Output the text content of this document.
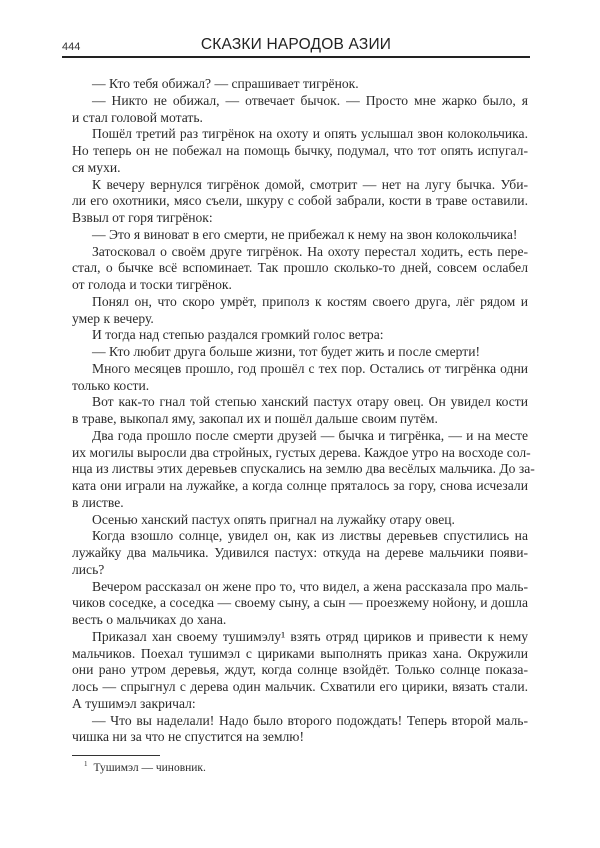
444	СКАЗКИ НАРОДОВ АЗИИ
— Кто тебя обижал? — спрашивает тигрёнок.
— Никто не обижал, — отвечает бычок. — Просто мне жарко было, я
и стал головой мотать.
Пошёл третий раз тигрёнок на охоту и опять услышал звон колокольчика.
Но теперь он не побежал на помощь бычку, подумал, что тот опять испугал-
ся мухи.
К вечеру вернулся тигрёнок домой, смотрит — нет на лугу бычка. Уби-
ли его охотники, мясо съели, шкуру с собой забрали, кости в траве оставили.
Взвыл от горя тигрёнок:
— Это я виноват в его смерти, не прибежал к нему на звон колокольчика!
Затосковал о своём друге тигрёнок. На охоту перестал ходить, есть пере-
стал, о бычке всё вспоминает. Так прошло сколько-то дней, совсем ослабел
от голода и тоски тигрёнок.
Понял он, что скоро умрёт, приполз к костям своего друга, лёг рядом и
умер к вечеру.
И тогда над степью раздался громкий голос ветра:
— Кто любит друга больше жизни, тот будет жить и после смерти!
Много месяцев прошло, год прошёл с тех пор. Остались от тигрёнка одни
только кости.
Вот как-то гнал той степью ханский пастух отару овец. Он увидел кости
в траве, выкопал яму, закопал их и пошёл дальше своим путём.
Два года прошло после смерти друзей — бычка и тигрёнка, — и на месте
их могилы выросли два стройных, густых дерева. Каждое утро на восходе сол-
нца из листвы этих деревьев спускались на землю два весёлых мальчика. До за-
ката они играли на лужайке, а когда солнце пряталось за гору, снова исчезали
в листве.
Осенью ханский пастух опять пригнал на лужайку отару овец.
Когда взошло солнце, увидел он, как из листвы деревьев спустились на
лужайку два мальчика. Удивился пастух: откуда на дереве мальчики появи-
лись?
Вечером рассказал он жене про то, что видел, а жена рассказала про маль-
чиков соседке, а соседка — своему сыну, а сын — проезжему нойону, и дошла
весть о мальчиках до хана.
Приказал хан своему тушимэлу¹ взять отряд цириков и привести к нему
мальчиков. Поехал тушимэл с цириками выполнять приказ хана. Окружили
они рано утром деревья, ждут, когда солнце взойдёт. Только солнце показа-
лось — спрыгнул с дерева один мальчик. Схватили его цирики, вязать стали.
А тушимэл закричал:
— Что вы наделали! Надо было второго подождать! Теперь второй маль-
чишка ни за что не спустится на землю!
$^1$ Тушимэл — чиновник.
